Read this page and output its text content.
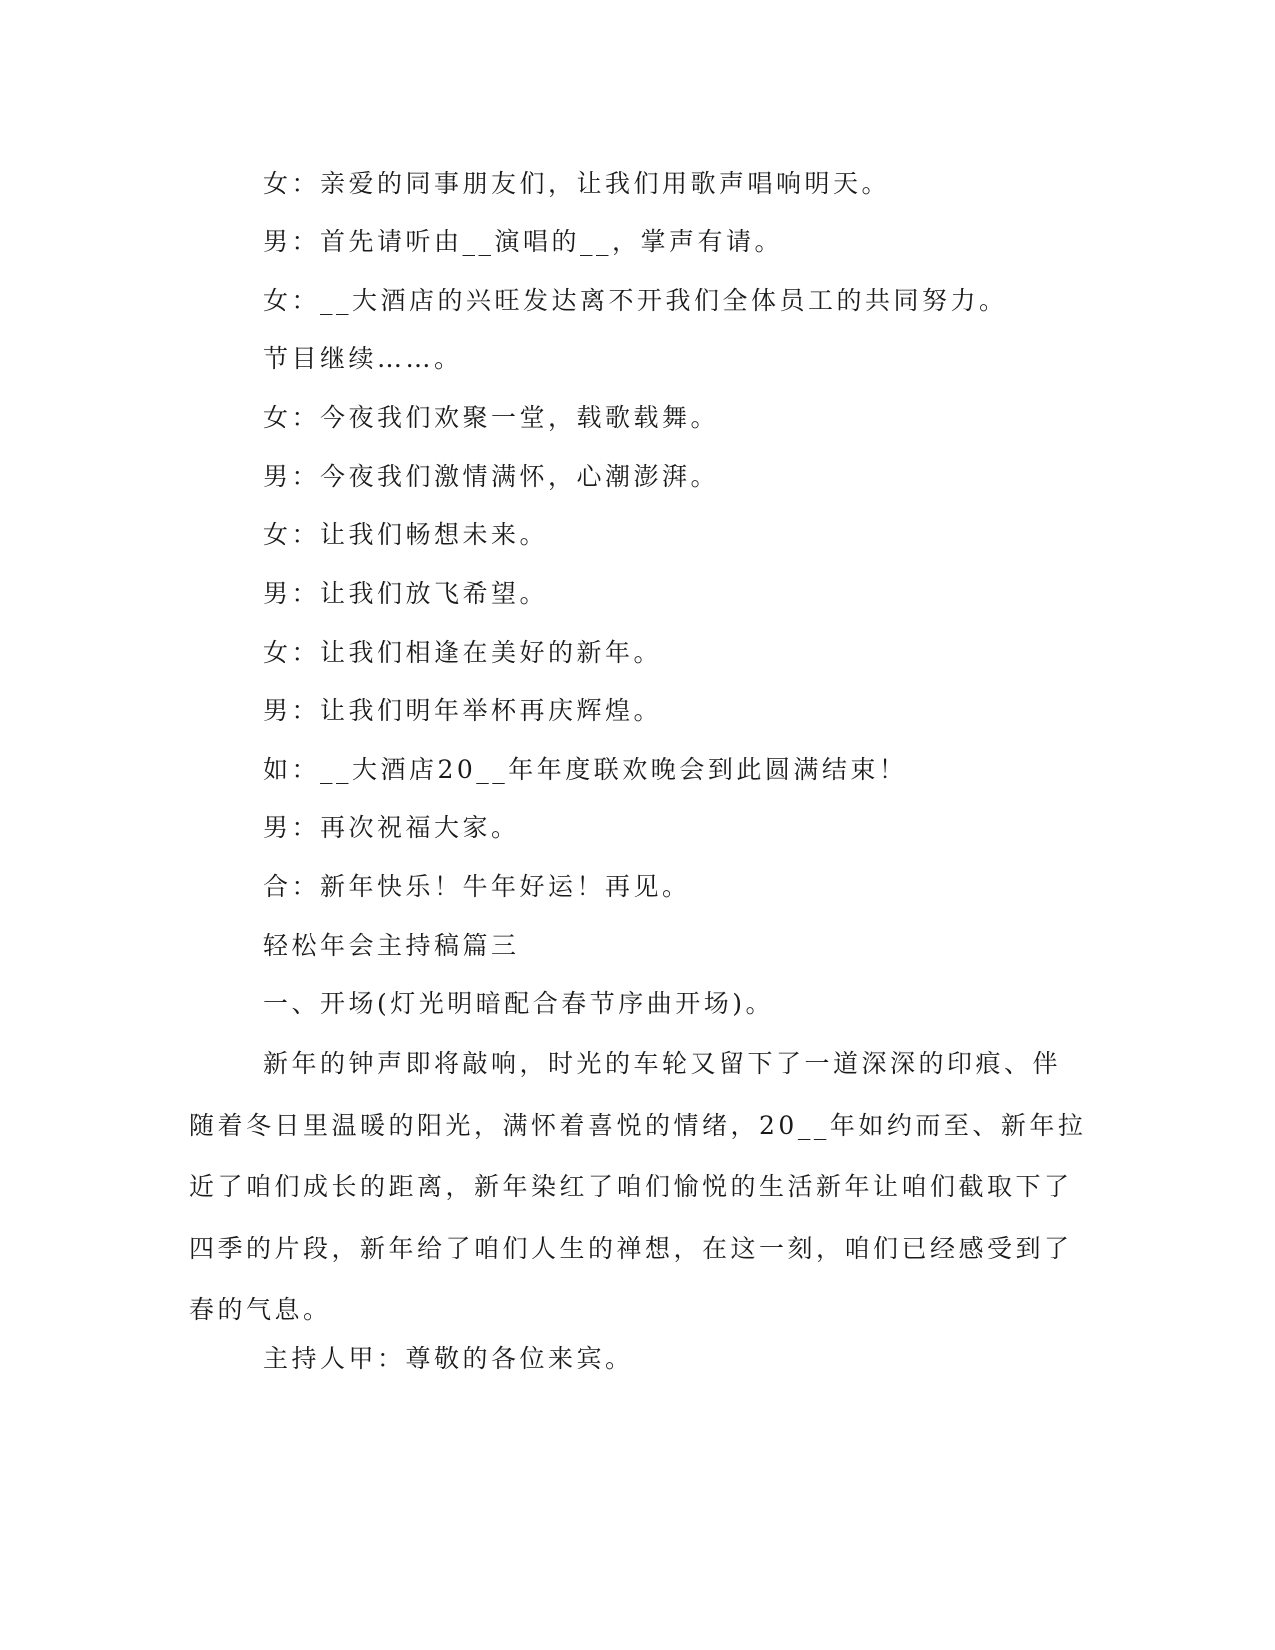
女：亲爱的同事朋友们，让我们用歌声唱响明天。
男：首先请听由__演唱的__，掌声有请。
女：__大酒店的兴旺发达离不开我们全体员工的共同努力。
节目继续……。
女：今夜我们欢聚一堂，载歌载舞。
男：今夜我们激情满怀，心潮澎湃。
女：让我们畅想未来。
男：让我们放飞希望。
女：让我们相逢在美好的新年。
男：让我们明年举杯再庆辉煌。
如：__大酒店20__年年度联欢晚会到此圆满结束！
男：再次祝福大家。
合：新年快乐！牛年好运！再见。
轻松年会主持稿篇三
一、开场(灯光明暗配合春节序曲开场)。

新年的钟声即将敲响，时光的车轮又留下了一道深深的印痕、伴随着冬日里温暖的阳光，满怀着喜悦的情绪，20__年如约而至、新年拉近了咱们成长的距离，新年染红了咱们愉悦的生活新年让咱们截取下了四季的片段，新年给了咱们人生的禅想，在这一刻，咱们已经感受到了春的气息。

主持人甲：尊敬的各位来宾。
